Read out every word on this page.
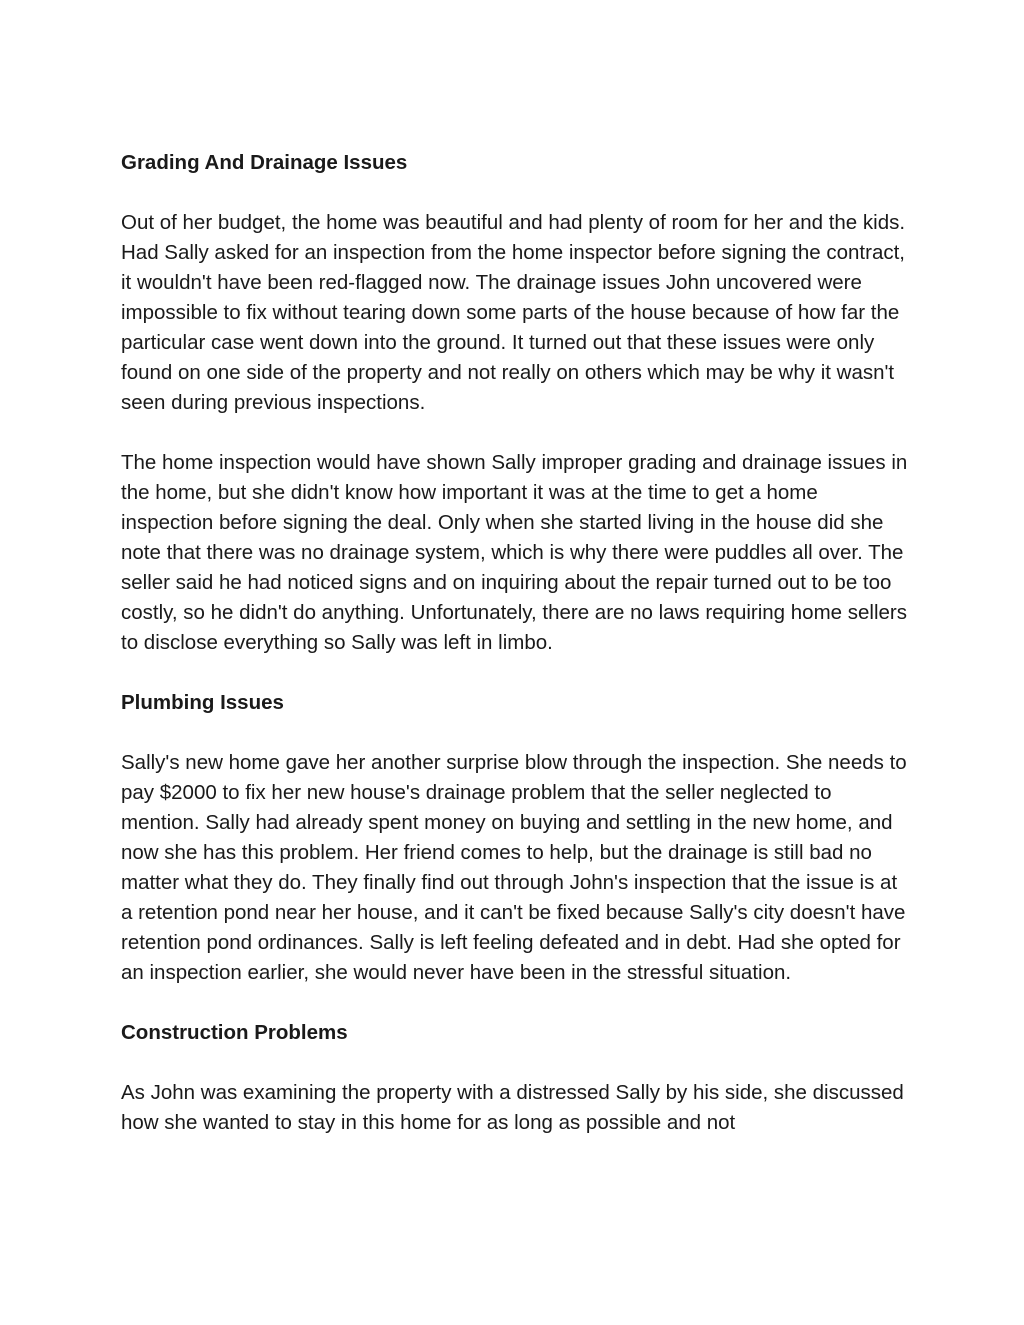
Grading And Drainage Issues
Out of her budget, the home was beautiful and had plenty of room for her and the kids. Had Sally asked for an inspection from the home inspector before signing the contract, it wouldn't have been red-flagged now. The drainage issues John uncovered were impossible to fix without tearing down some parts of the house because of how far the particular case went down into the ground. It turned out that these issues were only found on one side of the property and not really on others which may be why it wasn't seen during previous inspections.
The home inspection would have shown Sally improper grading and drainage issues in the home, but she didn't know how important it was at the time to get a home inspection before signing the deal. Only when she started living in the house did she note that there was no drainage system, which is why there were puddles all over. The seller said he had noticed signs and on inquiring about the repair turned out to be too costly, so he didn't do anything. Unfortunately, there are no laws requiring home sellers to disclose everything so Sally was left in limbo.
Plumbing Issues
Sally's new home gave her another surprise blow through the inspection. She needs to pay $2000 to fix her new house's drainage problem that the seller neglected to mention. Sally had already spent money on buying and settling in the new home, and now she has this problem. Her friend comes to help, but the drainage is still bad no matter what they do. They finally find out through John's inspection that the issue is at a retention pond near her house, and it can't be fixed because Sally's city doesn't have retention pond ordinances. Sally is left feeling defeated and in debt. Had she opted for an inspection earlier, she would never have been in the stressful situation.
Construction Problems
As John was examining the property with a distressed Sally by his side, she discussed how she wanted to stay in this home for as long as possible and not
